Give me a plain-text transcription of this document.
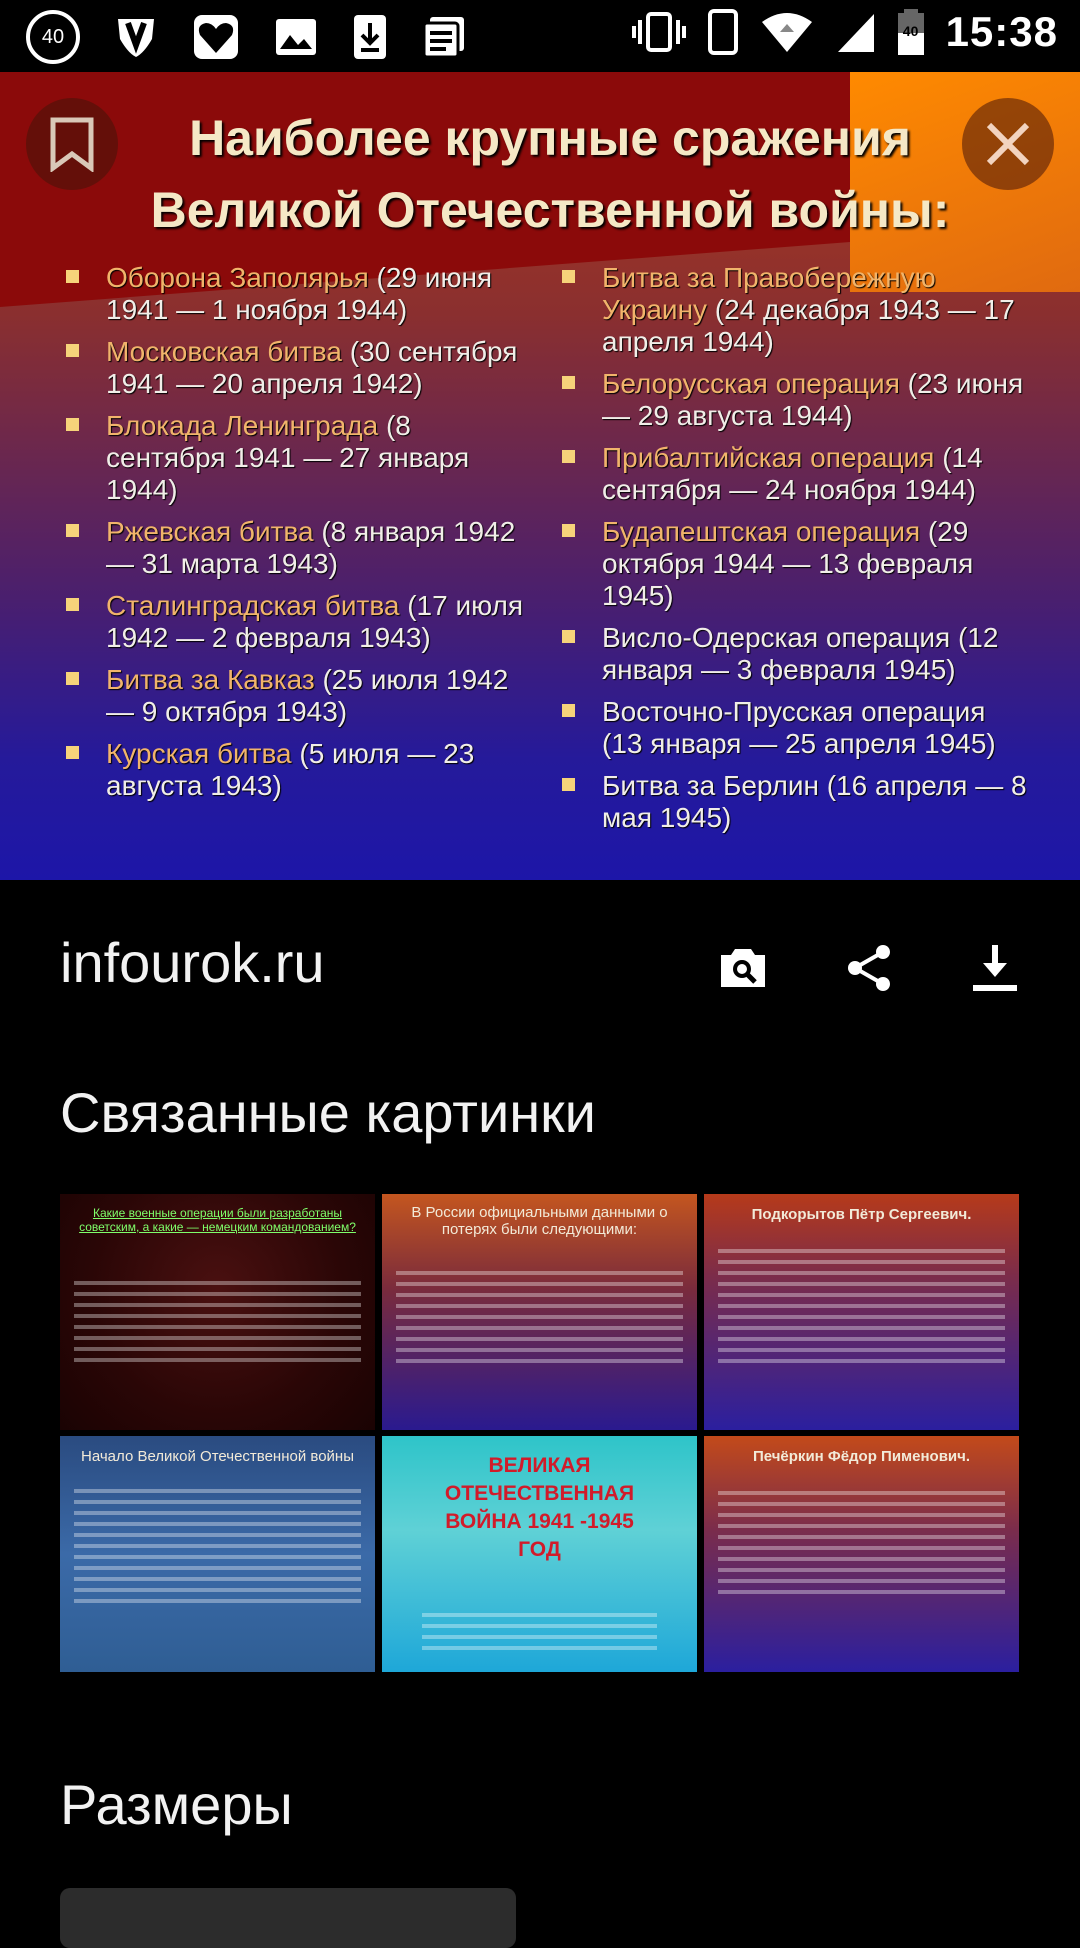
40	40 15:38
Наиболее крупные сражения Великой Отечественной войны:
Оборона Заполярья (29 июня 1941 — 1 ноября 1944)
Московская битва (30 сентября 1941 — 20 апреля 1942)
Блокада Ленинграда (8 сентября 1941 — 27 января 1944)
Ржевская битва (8 января 1942 — 31 марта 1943)
Сталинградская битва (17 июля 1942 — 2 февраля 1943)
Битва за Кавказ (25 июля 1942 — 9 октября 1943)
Курская битва (5 июля — 23 августа 1943)
Битва за Правобережную Украину (24 декабря 1943 — 17 апреля 1944)
Белорусская операция (23 июня — 29 августа 1944)
Прибалтийская операция (14 сентября — 24 ноября 1944)
Будапештская операция (29 октября 1944 — 13 февраля 1945)
Висло-Одерская операция (12 января — 3 февраля 1945)
Восточно-Прусская операция (13 января — 25 апреля 1945)
Битва за Берлин (16 апреля — 8 мая 1945)
infourok.ru
Связанные картинки
Какие военные операции были разработаны советским, а какие — немецким командованием?
В России официальными данными о потерях были следующими:
Подкорытов Пётр Сергеевич.
Начало Великой Отечественной войны	ВЕЛИКАЯ ОТЕЧЕСТВЕННАЯ ВОЙНА 1941 -1945 ГОД
Печёркин Фёдор Пименович.
Размеры
